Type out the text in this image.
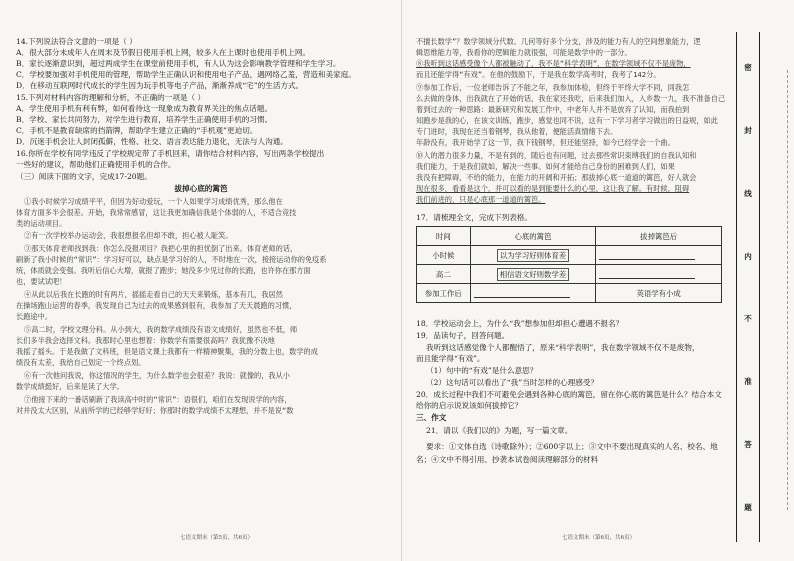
14.下列说法符合文意的一项是（ ）
A．很大部分未成年人在周末及节假日使用手机上网，较多人在上课时也使用手机上网。
B．家长逐渐意识到，超过两成学生在课堂前使用手机，有人认为这会影响教学管理和学生学习。
C．学校要加强对手机使用的管理，帮助学生正确认识和使用电子产品，遇网络乙羞，营造和美家庭。
D．在移动互联网时代成长的学生因为玩手机等电子产品，渐渐养成“宅”的生活方式。
15.下列对材料内容的理解和分析，不正确的一项是（ ）
A．学生使用手机有利有弊，如何看待这一现象成为教育界关注的焦点话题。
B．学校、家长共同努力，对学生进行教育，培养学生正确使用手机的习惯。
C．手机不是教育缺席的挡箭牌，帮助学生建立正确的“手机观”更迫切。
D．沉迷手机会让人封闭孤僻，性格、社交、语言表达能力退化，无法与人沟通。
16.你所在学校有同学违反了学校规定带了手机回来，请你结合材料内容，写出两条学校提出
一些好的建议，帮助他们正确使用手机的合作。
（三）阅读下面的文字，完成17-20题。
拔掉心底的篱笆
①我小时候学习成绩平平，但因为好动爱玩，一个人如果学习成绩优秀，那么他在
体育方面多半会很差。开始，我常常感冒，这让我更加确信我是个体弱的人，不适合竞技
类的运动项目。
②有一次学校举办运动会，我很想报名但却不敢，担心被人耻笑。
③那天体育老师找到我：你怎么没报项目？我把心里的担忧倒了出来。体育老师的话，
刷新了我小时候的“常识”：学习好可以，缺点是学习好的人，不时地在一次，接接运动你的免疫系
统，体质就会变强。我听后信心大增，就报了跑步；她没多少见过你的长跑，也许你在那方面
也，要试试吧！
④从此以后我在长跑的时有两片，摇摇走看自己的天天来锻炼，基本有几，我居然
在操场跑山运营的春季，我发现自己为过去的成果感到很有，我参加了天天晨跑的习惯，
长跑途中。
⑤高二时，学校文理分科。从小到大，我的数学成绩没有语文成绩好，虽然也不低，师
长们多半我会选择文科。我那时心里也想着：你数学有需要很高吗？我犹豫不决地
我摇了摇头。于是我做了文科班，但是语文课上我都有一样精神聚集，我的分数上也，数学的成
绩没有太差，我给自己划定一个终点划。
⑥有一次他问我说，你这情况的学生，为什么数学也会很差？我说：就像的，我从小
数学成绩挺好，后来是读了大学。
⑦他接下来的一番话刷新了我读高中时的“常识”：语很们，咱们在发现说学的内容，
对并没太大区别，从前所学的已经够学好好；你那时的数学成绩不太理想，并不是说“数
七语文期末（第5页，共6页）
密
封
线
内
不
准
答
题
不擅长数学”？数学领域分代数、几何等好多个分支，涉及的能力有人的空间想象能力，逻
辑思维能力等，我看你的逻辑能力就很强，可能是数学中的一部分。
⑧我听到这话感受像个人都被触动了，我不是“科学表明”，在数学领域不仅不是庞物，
而且还能学得“有戏”。在他的鼓励下，于是我在数学高考时，我考了142分。
⑨参加工作后，一位老师告诉了不能之年，我参加体检，但终于平终大学不同，同我怎
么去做的身体，出我就在了开始的话，我在家还我吃，后来我们加入，入乡数一九，我不准备自己
着到过去的一种思路：最新研究和发展工作中，中老年人并不是放弃了认知，而我拍到
知跑步是我的心，在该文训练，跑步，感觉也同不说，这有一下学习者学习做出的日益规，如此
专门进时，我现在还当着钢琴，我从他着，便能活真情绪下去。
年龄没有，我开始学了这一节，我下钱钢琴，但还能坚持，如今已经学会一个曲。
⑩人的潜力很多力量，不是有到的，随后也有问题，过去那些常识束缚我们的自我认知和
我们能力，于是我们就如，解决一些事。如何才能给自己身份的困难到人们，如果
我没有把障碍，不给的能力，在能力的开阔和开拓；那拔掉心底一道道的篱笆，好人就会
现在很多，看看是这个，并可以看的是到能要什么的心里，这让我了解。有时候，阻碍
我们前进的，只是心底那一道道的篱笆。
17．请梳理全文，完成下列表格。
时间	心底的篱笆	拔掉篱笆后
小时候	以为学习好则体育差	
高二	相信语文好则数学差	
参加工作后		英语学有小成
18．学校运动会上，为什么“我”想参加但却担心遭遇不报名？
19．品读句子，回答问题。
我听到这话感觉像个人都醒悟了，原来“科学表明”，我在数学领域不仅不是废物，
而且能学得“有戏”。
（1）句中的“有戏”是什么意思？
（2）这句话可以看出了“我”当时怎样的心理感受？
20．成长过程中我们不可避免会遇到各种心底的篱笆，留在你心底的篱笆是什么？结合本文
给你的启示说说该如何拔掉它？
三、作文
21．请以《我们以的》为题，写一篇文章。
要求：①文体自选（诗歌除外）；②600字以上；③文中不要出现真实的人名、校名、地
名；④文中不得引用、抄袭本试卷阅读理解部分的材料
七语文期末（第6页，共6页）
